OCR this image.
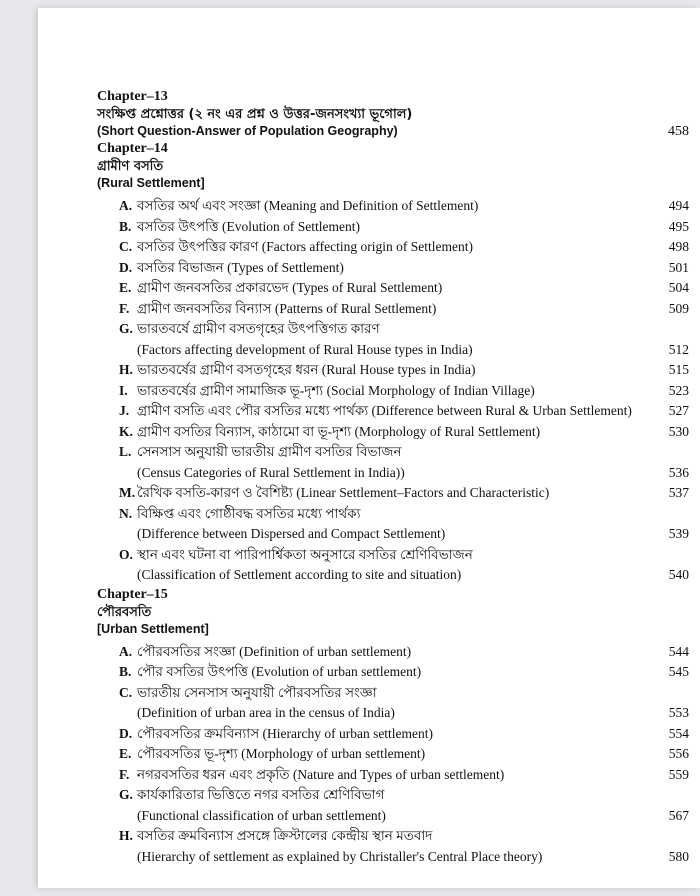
Chapter–13
সংক্ষিপ্ত প্রশ্নোত্তর (২ নং এর প্রশ্ন ও উত্তর-জনসংখ্যা ভূগোল)
(Short Question-Answer of Population Geography)	458
Chapter–14
গ্রামীণ বসতি
(Rural Settlement]
A. বসতির অর্থ এবং সংজ্ঞা (Meaning and Definition of Settlement)	494
B. বসতির উৎপত্তি (Evolution of Settlement)	495
C. বসতির উৎপত্তির কারণ (Factors affecting origin of Settlement)	498
D. বসতির বিভাজন (Types of Settlement)	501
E. গ্রামীণ জনবসতির প্রকারভেদ (Types of Rural Settlement)	504
F. গ্রামীণ জনবসতির বিন্যাস (Patterns of Rural Settlement)	509
G. ভারতবর্ষে গ্রামীণ বসতগৃহের উৎপত্তিগত কারণ
(Factors affecting development of Rural House types in India)	512
H. ভারতবর্ষের গ্রামীণ বসতগৃহের ধরন (Rural House types in India)	515
I. ভারতবর্ষের গ্রামীণ সামাজিক ভূ-দৃশ্য (Social Morphology of Indian Village)	523
J. গ্রামীণ বসতি এবং পৌর বসতির মধ্যে পার্থক্য (Difference between Rural & Urban Settlement)	527
K. গ্রামীণ বসতির বিন্যাস, কাঠামো বা ভূ-দৃশ্য (Morphology of Rural Settlement)	530
L. সেনসাস অনুযায়ী ভারতীয় গ্রামীণ বসতির বিভাজন
(Census Categories of Rural Settlement in India))	536
M. রৈখিক বসতি-কারণ ও বৈশিষ্ট্য (Linear Settlement–Factors and Characteristic)	537
N. বিক্ষিপ্ত এবং গোষ্ঠীবদ্ধ বসতির মধ্যে পার্থক্য
(Difference between Dispersed and Compact Settlement)	539
O. স্থান এবং ঘটনা বা পারিপার্শ্বিকতা অনুসারে বসতির শ্রেণিবিভাজন
(Classification of Settlement according to site and situation)	540
Chapter–15
পৌরবসতি
[Urban Settlement]
A. পৌরবসতির সংজ্ঞা (Definition of urban settlement)	544
B. পৌর বসতির উৎপত্তি (Evolution of urban settlement)	545
C. ভারতীয় সেনসাস অনুযায়ী পৌরবসতির সংজ্ঞা
(Definition of urban area in the census of India)	553
D. পৌরবসতির ক্রমবিন্যাস (Hierarchy of urban settlement)	554
E. পৌরবসতির ভূ-দৃশ্য (Morphology of urban settlement)	556
F. নগরবসতির ধরন এবং প্রকৃতি (Nature and Types of urban settlement)	559
G. কার্যকারিতার ভিত্তিতে নগর বসতির শ্রেণিবিভাগ
(Functional classification of urban settlement)	567
H. বসতির ক্রমবিন্যাস প্রসঙ্গে ক্রিস্টালের কেন্দ্রীয় স্থান মতবাদ
(Hierarchy of settlement as explained by Christaller's Central Place theory)	580
